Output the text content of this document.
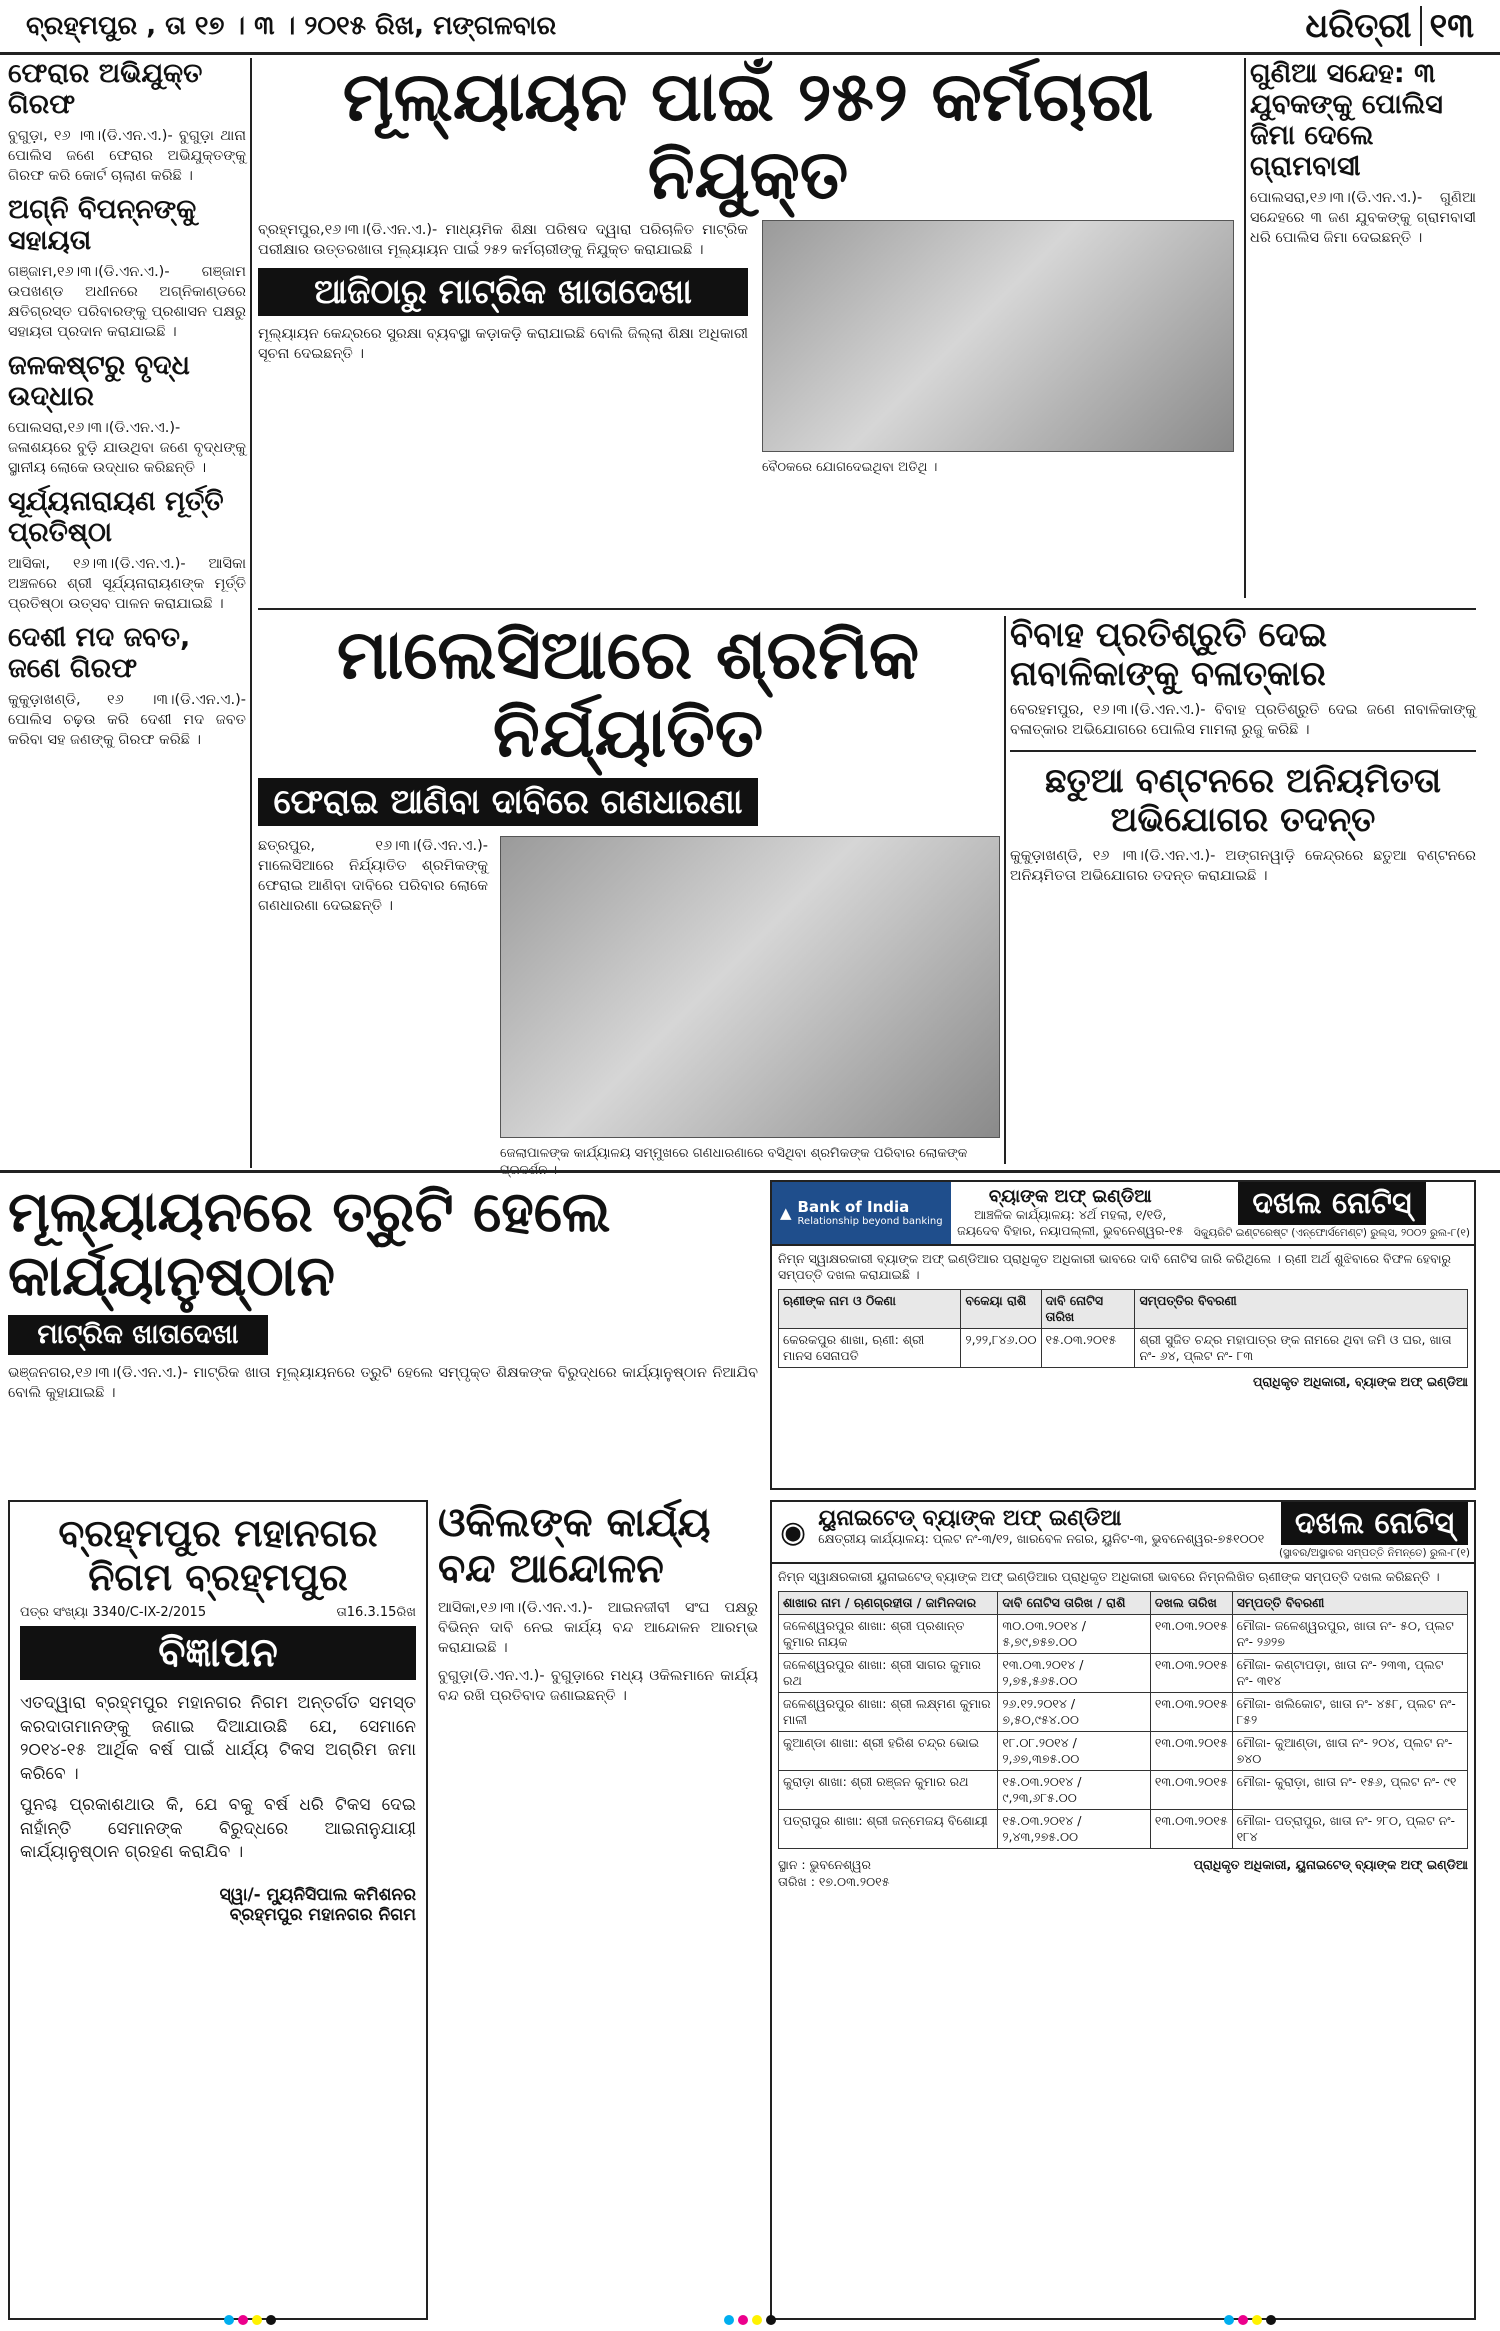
ବ୍ରହ୍ମପୁର , ତା ୧୭ । ୩ । ୨୦୧୫ ରିଖ, ମଙ୍ଗଳବାର	ଧରିତ୍ରୀ ୧୩
ଫେରାର ଅଭିଯୁକ୍ତ ଗିରଫ

ବୁଗୁଡ଼ା, ୧୬ ।୩।(ଡି.ଏନ.ଏ.)- ବୁଗୁଡ଼ା ଥାନା ପୋଲିସ ଜଣେ ଫେରାର ଅଭିଯୁକ୍ତଙ୍କୁ ଗିରଫ କରି କୋର୍ଟ ଚାଲାଣ କରିଛି ।

ଅଗ୍ନି ବିପନ୍ନଙ୍କୁ ସହାୟତା

ଗଞ୍ଜାମ,୧୬।୩।(ଡି.ଏନ.ଏ.)- ଗଞ୍ଜାମ ଉପଖଣ୍ଡ ଅଧୀନରେ ଅଗ୍ନିକାଣ୍ଡରେ କ୍ଷତିଗ୍ରସ୍ତ ପରିବାରଙ୍କୁ ପ୍ରଶାସନ ପକ୍ଷରୁ ସହାୟତା ପ୍ରଦାନ କରାଯାଇଛି ।

ଜଳକଷ୍ଟରୁ ବୃଦ୍ଧ ଉଦ୍ଧାର

ପୋଲସରା,୧୬।୩।(ଡି.ଏନ.ଏ.)- ଜଳାଶୟରେ ବୁଡ଼ି ଯାଉଥିବା ଜଣେ ବୃଦ୍ଧଙ୍କୁ ସ୍ଥାନୀୟ ଲୋକେ ଉଦ୍ଧାର କରିଛନ୍ତି ।

ସୂର୍ଯ୍ୟନାରାୟଣ ମୂର୍ତ୍ତି ପ୍ରତିଷ୍ଠା

ଆସିକା, ୧୬।୩।(ଡି.ଏନ.ଏ.)- ଆସିକା ଅଞ୍ଚଳରେ ଶ୍ରୀ ସୂର୍ଯ୍ୟନାରାୟଣଙ୍କ ମୂର୍ତ୍ତି ପ୍ରତିଷ୍ଠା ଉତ୍ସବ ପାଳନ କରାଯାଇଛି ।

ଦେଶୀ ମଦ ଜବତ, ଜଣେ ଗିରଫ

କୁକୁଡ଼ାଖଣ୍ଡି, ୧୬ ।୩।(ଡି.ଏନ.ଏ.)- ପୋଲିସ ଚଢ଼ଉ କରି ଦେଶୀ ମଦ ଜବତ କରିବା ସହ ଜଣଙ୍କୁ ଗିରଫ କରିଛି ।

ମୂଲ୍ୟାୟନ ପାଇଁ ୨୫୨ କର୍ମଚାରୀ ନିଯୁକ୍ତ

ବ୍ରହ୍ମପୁର,୧୬।୩।(ଡି.ଏନ.ଏ.)- ମାଧ୍ୟମିକ ଶିକ୍ଷା ପରିଷଦ ଦ୍ୱାରା ପରିଚାଳିତ ମାଟ୍ରିକ ପରୀକ୍ଷାର ଉତ୍ତରଖାତା ମୂଲ୍ୟାୟନ ପାଇଁ ୨୫୨ କର୍ମଚାରୀଙ୍କୁ ନିଯୁକ୍ତ କରାଯାଇଛି ।

ଆଜିଠାରୁ ମାଟ୍ରିକ ଖାତାଦେଖା

ମୂଲ୍ୟାୟନ କେନ୍ଦ୍ରରେ ସୁରକ୍ଷା ବ୍ୟବସ୍ଥା କଡ଼ାକଡ଼ି କରାଯାଇଛି ବୋଲି ଜିଲ୍ଲା ଶିକ୍ଷା ଅଧିକାରୀ ସୂଚନା ଦେଇଛନ୍ତି ।

ବୈଠକରେ ଯୋଗଦେଇଥିବା ଅତିଥି ।
ଗୁଣିଆ ସନ୍ଦେହ: ୩ ଯୁବକଙ୍କୁ ପୋଲିସ ଜିମା ଦେଲେ ଗ୍ରାମବାସୀ

ପୋଲସରା,୧୬।୩।(ଡି.ଏନ.ଏ.)- ଗୁଣିଆ ସନ୍ଦେହରେ ୩ ଜଣ ଯୁବକଙ୍କୁ ଗ୍ରାମବାସୀ ଧରି ପୋଲିସ ଜିମା ଦେଇଛନ୍ତି ।

ମାଲେସିଆରେ ଶ୍ରମିକ ନିର୍ଯ୍ୟାତିତ
ଫେରାଇ ଆଣିବା ଦାବିରେ ଗଣଧାରଣା

ଛତ୍ରପୁର, ୧୬।୩।(ଡି.ଏନ.ଏ.)- ମାଲେସିଆରେ ନିର୍ଯ୍ୟାତିତ ଶ୍ରମିକଙ୍କୁ ଫେରାଇ ଆଣିବା ଦାବିରେ ପରିବାର ଲୋକେ ଗଣଧାରଣା ଦେଇଛନ୍ତି ।

ଜେଲାପାଳଙ୍କ କାର୍ଯ୍ୟାଳୟ ସମ୍ମୁଖରେ ଗଣଧାରଣାରେ ବସିଥିବା ଶ୍ରମିକଙ୍କ ପରିବାର ଲୋକଙ୍କ
ବିବାହ ପ୍ରତିଶ୍ରୁତି ଦେଇ ନାବାଳିକାଙ୍କୁ ବଳାତ୍କାର

ବେରହମପୁର, ୧୬।୩।(ଡି.ଏନ.ଏ.)- ବିବାହ ପ୍ରତିଶ୍ରୁତି ଦେଇ ଜଣେ ନାବାଳିକାଙ୍କୁ ବଳାତ୍କାର ଅଭିଯୋଗରେ ପୋଲିସ ମାମଲା ରୁଜୁ କରିଛି ।

ଛତୁଆ ବଣ୍ଟନରେ ଅନିୟମିତତା ଅଭିଯୋଗର ତଦନ୍ତ

କୁକୁଡ଼ାଖଣ୍ଡି, ୧୬ ।୩।(ଡି.ଏନ.ଏ.)- ଅଙ୍ଗନୱାଡ଼ି କେନ୍ଦ୍ରରେ ଛତୁଆ ବଣ୍ଟନରେ ଅନିୟମିତତା ଅଭିଯୋଗର ତଦନ୍ତ କରାଯାଇଛି ।

ମୂଲ୍ୟାୟନରେ ତ୍ରୁଟି ହେଲେ କାର୍ଯ୍ୟାନୁଷ୍ଠାନ
ମାଟ୍ରିକ ଖାତାଦେଖା

ଭଞ୍ଜନଗର,୧୬।୩।(ଡି.ଏନ.ଏ.)- ମାଟ୍ରିକ ଖାତା ମୂଲ୍ୟାୟନରେ ତ୍ରୁଟି ହେଲେ ସମ୍ପୃକ୍ତ ଶିକ୍ଷକଙ୍କ ବିରୁଦ୍ଧରେ କାର୍ଯ୍ୟାନୁଷ୍ଠାନ ନିଆଯିବ ବୋଲି କୁହାଯାଇଛି ।

ବ୍ରହ୍ମପୁର ମହାନଗର ନିଗମ ବ୍ରହ୍ମପୁର
ପତ୍ର ସଂଖ୍ୟା 3340/C-IX-2/2015	ତା16.3.15ରିଖ
ବିଜ୍ଞାପନ

ଏତଦ୍ୱାରା ବ୍ରହ୍ମପୁର ମହାନଗର ନିଗମ ଅନ୍ତର୍ଗତ ସମସ୍ତ କରଦାତାମାନଙ୍କୁ ଜଣାଇ ଦିଆଯାଉଛି ଯେ, ସେମାନେ ୨୦୧୪-୧୫ ଆର୍ଥିକ ବର୍ଷ ପାଇଁ ଧାର୍ଯ୍ୟ ଟିକସ ଅଗ୍ରିମ ଜମା କରିବେ ।

ପୁନଶ୍ଚ ପ୍ରକାଶଥାଉ କି, ଯେ ବକୁ ବର୍ଷ ଧରି ଟିକସ ଦେଇ ନାହାଁନ୍ତି ସେମାନଙ୍କ ବିରୁଦ୍ଧରେ ଆଇନାନୁଯାୟୀ କାର୍ଯ୍ୟାନୁଷ୍ଠାନ ଗ୍ରହଣ କରାଯିବ ।

ସ୍ୱା/- ମ୍ୟୁନିସିପାଲ କମିଶନର
ବ୍ରହ୍ମପୁର ମହାନଗର ନିଗମ
ଓକିଲଙ୍କ କାର୍ଯ୍ୟ ବନ୍ଦ ଆନ୍ଦୋଳନ

ଆସିକା,୧୬।୩।(ଡି.ଏନ.ଏ.)- ଆଇନଜୀବୀ ସଂଘ ପକ୍ଷରୁ ବିଭିନ୍ନ ଦାବି ନେଇ କାର୍ଯ୍ୟ ବନ୍ଦ ଆନ୍ଦୋଳନ ଆରମ୍ଭ କରାଯାଇଛି ।

ବୁଗୁଡ଼ା(ଡି.ଏନ.ଏ.)- ବୁଗୁଡ଼ାରେ ମଧ୍ୟ ଓକିଲମାନେ କାର୍ଯ୍ୟ ବନ୍ଦ ରଖି ପ୍ରତିବାଦ ଜଣାଇଛନ୍ତି ।

▲ Bank of India
Relationship beyond banking
ବ୍ୟାଙ୍କ ଅଫ୍ ଇଣ୍ଡିଆ
ଆଞ୍ଚଳିକ କାର୍ଯ୍ୟାଳୟ: ୪ର୍ଥ ମହଲା, ୧/୧ଡି, ଜୟଦେବ ବିହାର, ନୟାପଲ୍ଲୀ, ଭୁବନେଶ୍ୱର-୧୫
ଦଖଲ ନୋଟିସ୍
ସିକ୍ୟୁରିଟି ଇଣ୍ଟରେଷ୍ଟ (ଏନ୍‌ଫୋର୍ସମେଣ୍ଟ) ରୁଲ୍ସ, ୨୦୦୨ ରୁଲ-୮(୧)

ନିମ୍ନ ସ୍ୱାକ୍ଷରକାରୀ ବ୍ୟାଙ୍କ ଅଫ୍ ଇଣ୍ଡିଆର ପ୍ରାଧିକୃତ ଅଧିକାରୀ ଭାବରେ ଦାବି ନୋଟିସ ଜାରି କରିଥିଲେ । ଋଣୀ ଅର୍ଥ ଶୁଝିବାରେ ବିଫଳ ହେବାରୁ ସମ୍ପତ୍ତି ଦଖଲ କରାଯାଇଛି ।

ଋଣୀଙ୍କ ନାମ ଓ ଠିକଣା	ବକେୟା ରାଶି	ଦାବି ନୋଟିସ ତାରିଖ	ସମ୍ପତ୍ତିର ବିବରଣୀ
କେରକପୁର ଶାଖା, ଋଣୀ: ଶ୍ରୀ ମାନସ ସେନାପତି	୨,୨୨,୮୪୬.୦୦	୧୫.୦୩.୨୦୧୫	ଶ୍ରୀ ସୁଜିତ ଚନ୍ଦ୍ର ମହାପାତ୍ର ଙ୍କ ନାମରେ ଥିବା ଜମି ଓ ଘର, ଖାତା ନଂ- ୬୪, ପ୍ଲଟ ନଂ- ୮୩
ପ୍ରାଧିକୃତ ଅଧିକାରୀ, ବ୍ୟାଙ୍କ ଅଫ୍ ଇଣ୍ଡିଆ
◉ ୟୁନାଇଟେଡ୍ ବ୍ୟାଙ୍କ ଅଫ୍ ଇଣ୍ଡିଆ
କ୍ଷେତ୍ରୀୟ କାର୍ଯ୍ୟାଳୟ: ପ୍ଲଟ ନଂ-୩/୧୨, ଖାରବେଳ ନଗର, ୟୁନିଟ-୩, ଭୁବନେଶ୍ୱର-୭୫୧୦୦୧	ଦଖଲ ନୋଟିସ୍
(ସ୍ଥାବର/ଅସ୍ଥାବର ସମ୍ପତ୍ତି ନିମନ୍ତେ) ରୁଲ-୮(୧)

ନିମ୍ନ ସ୍ୱାକ୍ଷରକାରୀ ୟୁନାଇଟେଡ୍ ବ୍ୟାଙ୍କ ଅଫ୍ ଇଣ୍ଡିଆର ପ୍ରାଧିକୃତ ଅଧିକାରୀ ଭାବରେ ନିମ୍ନଲିଖିତ ଋଣୀଙ୍କ ସମ୍ପତ୍ତି ଦଖଲ କରିଛନ୍ତି ।

ଶାଖାର ନାମ / ଋଣଗ୍ରହୀତା / ଜାମିନଦାର	ଦାବି ନୋଟିସ ତାରିଖ / ରାଶି	ଦଖଲ ତାରିଖ	ସମ୍ପତ୍ତି ବିବରଣୀ
ଜଳେଶ୍ୱରପୁର ଶାଖା: ଶ୍ରୀ ପ୍ରଶାନ୍ତ କୁମାର ନାୟକ	୩୦.୦୩.୨୦୧୪ / ୫,୭୯,୭୫୭.୦୦	୧୩.୦୩.୨୦୧୫	ମୌଜା- ଜଳେଶ୍ୱରପୁର, ଖାତା ନଂ- ୫୦, ପ୍ଲଟ ନଂ- ୨୬୨୭
ଜଳେଶ୍ୱରପୁର ଶାଖା: ଶ୍ରୀ ସାଗର କୁମାର ରଥ	୧୩.୦୩.୨୦୧୪ / ୨,୭୫,୫୬୫.୦୦	୧୩.୦୩.୨୦୧୫	ମୌଜା- କଣ୍ଟାପଡ଼ା, ଖାତା ନଂ- ୨୩୩, ପ୍ଲଟ ନଂ- ୩୧୪
ଜଳେଶ୍ୱରପୁର ଶାଖା: ଶ୍ରୀ ଲକ୍ଷ୍ମଣ କୁମାର ମାଳୀ	୨୬.୧୨.୨୦୧୪ / ୭,୫୦,୯୫୪.୦୦	୧୩.୦୩.୨୦୧୫	ମୌଜା- ଖଲିକୋଟ, ଖାତା ନଂ- ୪୫୮, ପ୍ଲଟ ନଂ- ୮୫୨
କୁଆଣ୍ଡା ଶାଖା: ଶ୍ରୀ ହରିଶ ଚନ୍ଦ୍ର ଭୋଇ	୧୮.୦୮.୨୦୧୪ / ୨,୬୭,୩୭୫.୦୦	୧୩.୦୩.୨୦୧୫	ମୌଜା- କୁଆଣ୍ଡା, ଖାତା ନଂ- ୨୦୪, ପ୍ଲଟ ନଂ- ୭୪୦
କୁରାଡ଼ା ଶାଖା: ଶ୍ରୀ ରଞ୍ଜନ କୁମାର ରଥ	୧୫.୦୩.୨୦୧୪ / ୯,୨୩,୬୮୫.୦୦	୧୩.୦୩.୨୦୧୫	ମୌଜା- କୁରାଡ଼ା, ଖାତା ନଂ- ୧୫୬, ପ୍ଲଟ ନଂ- ୯୧
ପତ୍ରାପୁର ଶାଖା: ଶ୍ରୀ ଜନ୍ମେଜୟ ବିଶୋୟୀ	୧୫.୦୩.୨୦୧୪ / ୨,୪୩,୨୭୫.୦୦	୧୩.୦୩.୨୦୧୫	ମୌଜା- ପତ୍ରାପୁର, ଖାତା ନଂ- ୨୮୦, ପ୍ଲଟ ନଂ- ୧୮୪
ସ୍ଥାନ : ଭୁବନେଶ୍ୱର
ତାରିଖ : ୧୭.୦୩.୨୦୧୫
ପ୍ରାଧିକୃତ ଅଧିକାରୀ, ୟୁନାଇଟେଡ୍ ବ୍ୟାଙ୍କ ଅଫ୍ ଇଣ୍ଡିଆ
